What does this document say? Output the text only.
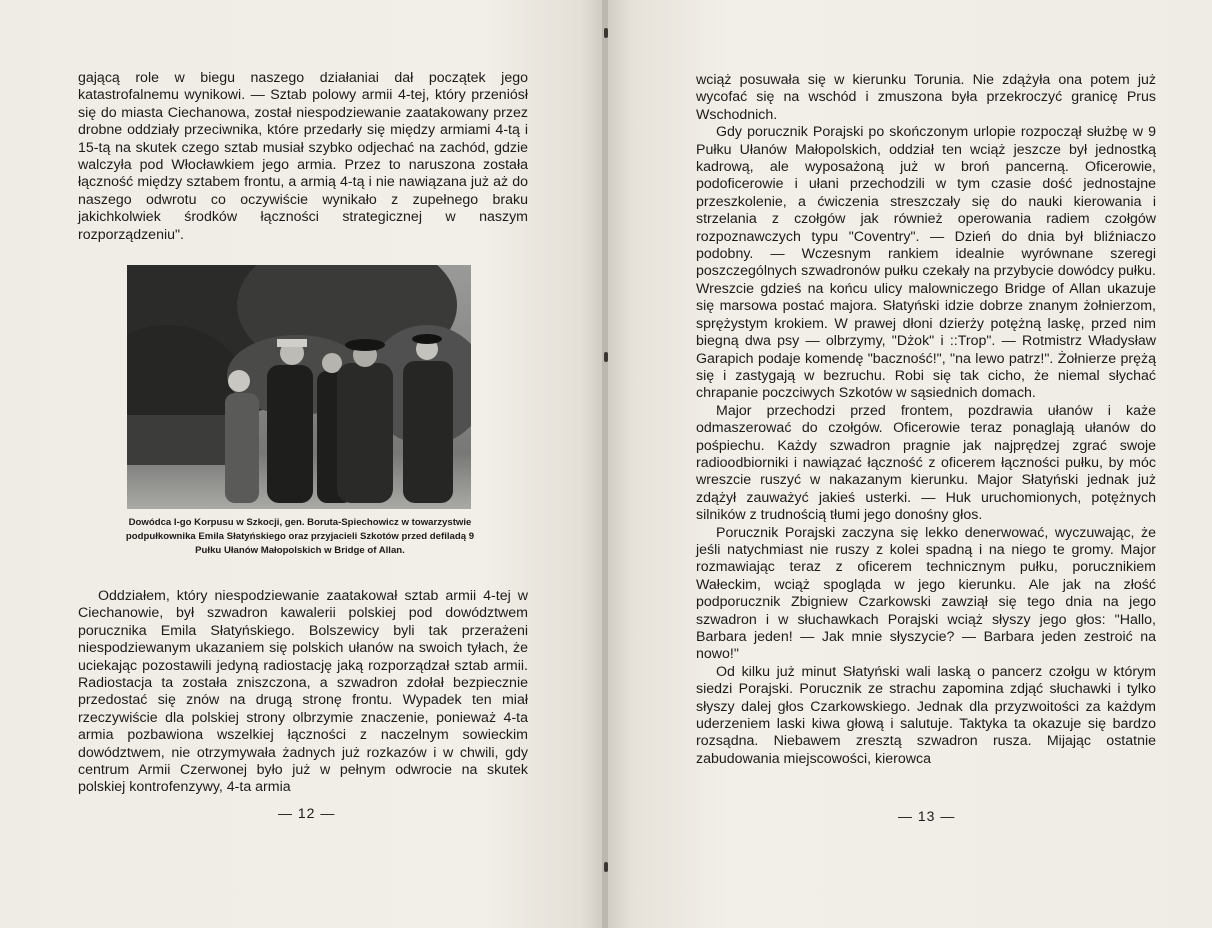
gającą role w biegu naszego działaniai dał początek jego katastrofalnemu wynikowi. — Sztab polowy armii 4-tej, który przeniósł się do miasta Ciechanowa, został niespodziewanie zaatakowany przez drobne oddziały przeciwnika, które przedarły się między armiami 4-tą i 15-tą na skutek czego sztab musiał szybko odjechać na zachód, gdzie walczyła pod Włocławkiem jego armia. Przez to naruszona została łączność między sztabem frontu, a armią 4-tą i nie nawiązana już aż do naszego odwrotu co oczywiście wynikało z zupełnego braku jakichkolwiek środków łączności strategicznej w naszym rozporządzeniu".

Dowódca I-go Korpusu w Szkocji, gen. Boruta-Spiechowicz w towarzystwie podpułkownika Emila Słatyńskiego oraz przyjacieli Szkotów przed defiladą 9 Pułku Ułanów Małopolskich w Bridge of Allan.

Oddziałem, który niespodziewanie zaatakował sztab armii 4-tej w Ciechanowie, był szwadron kawalerii polskiej pod dowództwem porucznika Emila Słatyńskiego. Bolszewicy byli tak przerażeni niespodziewanym ukazaniem się polskich ułanów na swoich tyłach, że uciekając pozostawili jedyną radiostację jaką rozporządzał sztab armii. Radiostacja ta została zniszczona, a szwadron zdołał bezpiecznie przedostać się znów na drugą stronę frontu. Wypadek ten miał rzeczywiście dla polskiej strony olbrzymie znaczenie, ponieważ 4-ta armia pozbawiona wszelkiej łączności z naczelnym sowieckim dowództwem, nie otrzymywała żadnych już rozkazów i w chwili, gdy centrum Armii Czerwonej było już w pełnym odwrocie na skutek polskiej kontrofenzywy, 4-ta armia

— 12 —

wciąż posuwała się w kierunku Torunia. Nie zdążyła ona potem już wycofać się na wschód i zmuszona była przekroczyć granicę Prus Wschodnich.

Gdy porucznik Porajski po skończonym urlopie rozpoczął służbę w 9 Pułku Ułanów Małopolskich, oddział ten wciąż jeszcze był jednostką kadrową, ale wyposażoną już w broń pancerną. Oficerowie, podoficerowie i ułani przechodzili w tym czasie dość jednostajne przeszkolenie, a ćwiczenia streszczały się do nauki kierowania i strzelania z czołgów jak również operowania radiem czołgów rozpoznawczych typu "Coventry". — Dzień do dnia był bliźniaczo podobny. — Wczesnym rankiem idealnie wyrównane szeregi poszczególnych szwadronów pułku czekały na przybycie dowódcy pułku. Wreszcie gdzieś na końcu ulicy malowniczego Bridge of Allan ukazuje się marsowa postać majora. Słatyński idzie dobrze znanym żołnierzom, sprężystym krokiem. W prawej dłoni dzierży potężną laskę, przed nim biegną dwa psy — olbrzymy, "Dżok" i ::Trop". — Rotmistrz Władysław Garapich podaje komendę "baczność!", "na lewo patrz!". Żołnierze prężą się i zastygają w bezruchu. Robi się tak cicho, że niemal słychać chrapanie poczciwych Szkotów w sąsiednich domach.

Major przechodzi przed frontem, pozdrawia ułanów i każe odmaszerować do czołgów. Oficerowie teraz ponaglają ułanów do pośpiechu. Każdy szwadron pragnie jak najprędzej zgrać swoje radioodbiorniki i nawiązać łączność z oficerem łączności pułku, by móc wreszcie ruszyć w nakazanym kierunku. Major Słatyński jednak już zdążył zauważyć jakieś usterki. — Huk uruchomionych, potężnych silników z trudnością tłumi jego donośny głos.

Porucznik Porajski zaczyna się lekko denerwować, wyczuwając, że jeśli natychmiast nie ruszy z kolei spadną i na niego te gromy. Major rozmawiając teraz z oficerem technicznym pułku, porucznikiem Wałeckim, wciąż spogląda w jego kierunku. Ale jak na złość podporucznik Zbigniew Czarkowski zawziął się tego dnia na jego szwadron i w słuchawkach Porajski wciąż słyszy jego głos: "Hallo, Barbara jeden! — Jak mnie słyszycie? — Barbara jeden zestroić na nowo!"

Od kilku już minut Słatyński wali laską o pancerz czołgu w którym siedzi Porajski. Porucznik ze strachu zapomina zdjąć słuchawki i tylko słyszy dalej głos Czarkowskiego. Jednak dla przyzwoitości za każdym uderzeniem laski kiwa głową i salutuje. Taktyka ta okazuje się bardzo rozsądna. Niebawem zresztą szwadron rusza. Mijając ostatnie zabudowania miejscowości, kierowca

— 13 —
